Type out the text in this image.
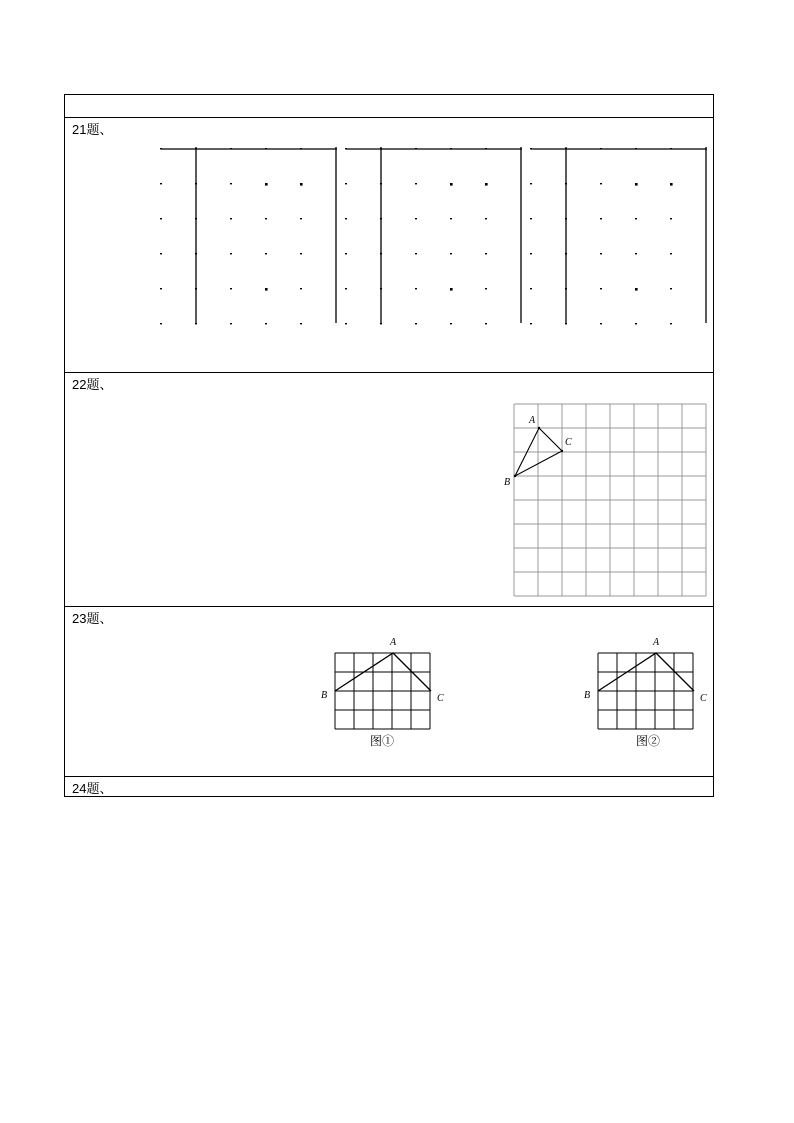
21题、
22题、
A
C
B
23题、
A
B	C
图①
A
B	C
图②
24题、
